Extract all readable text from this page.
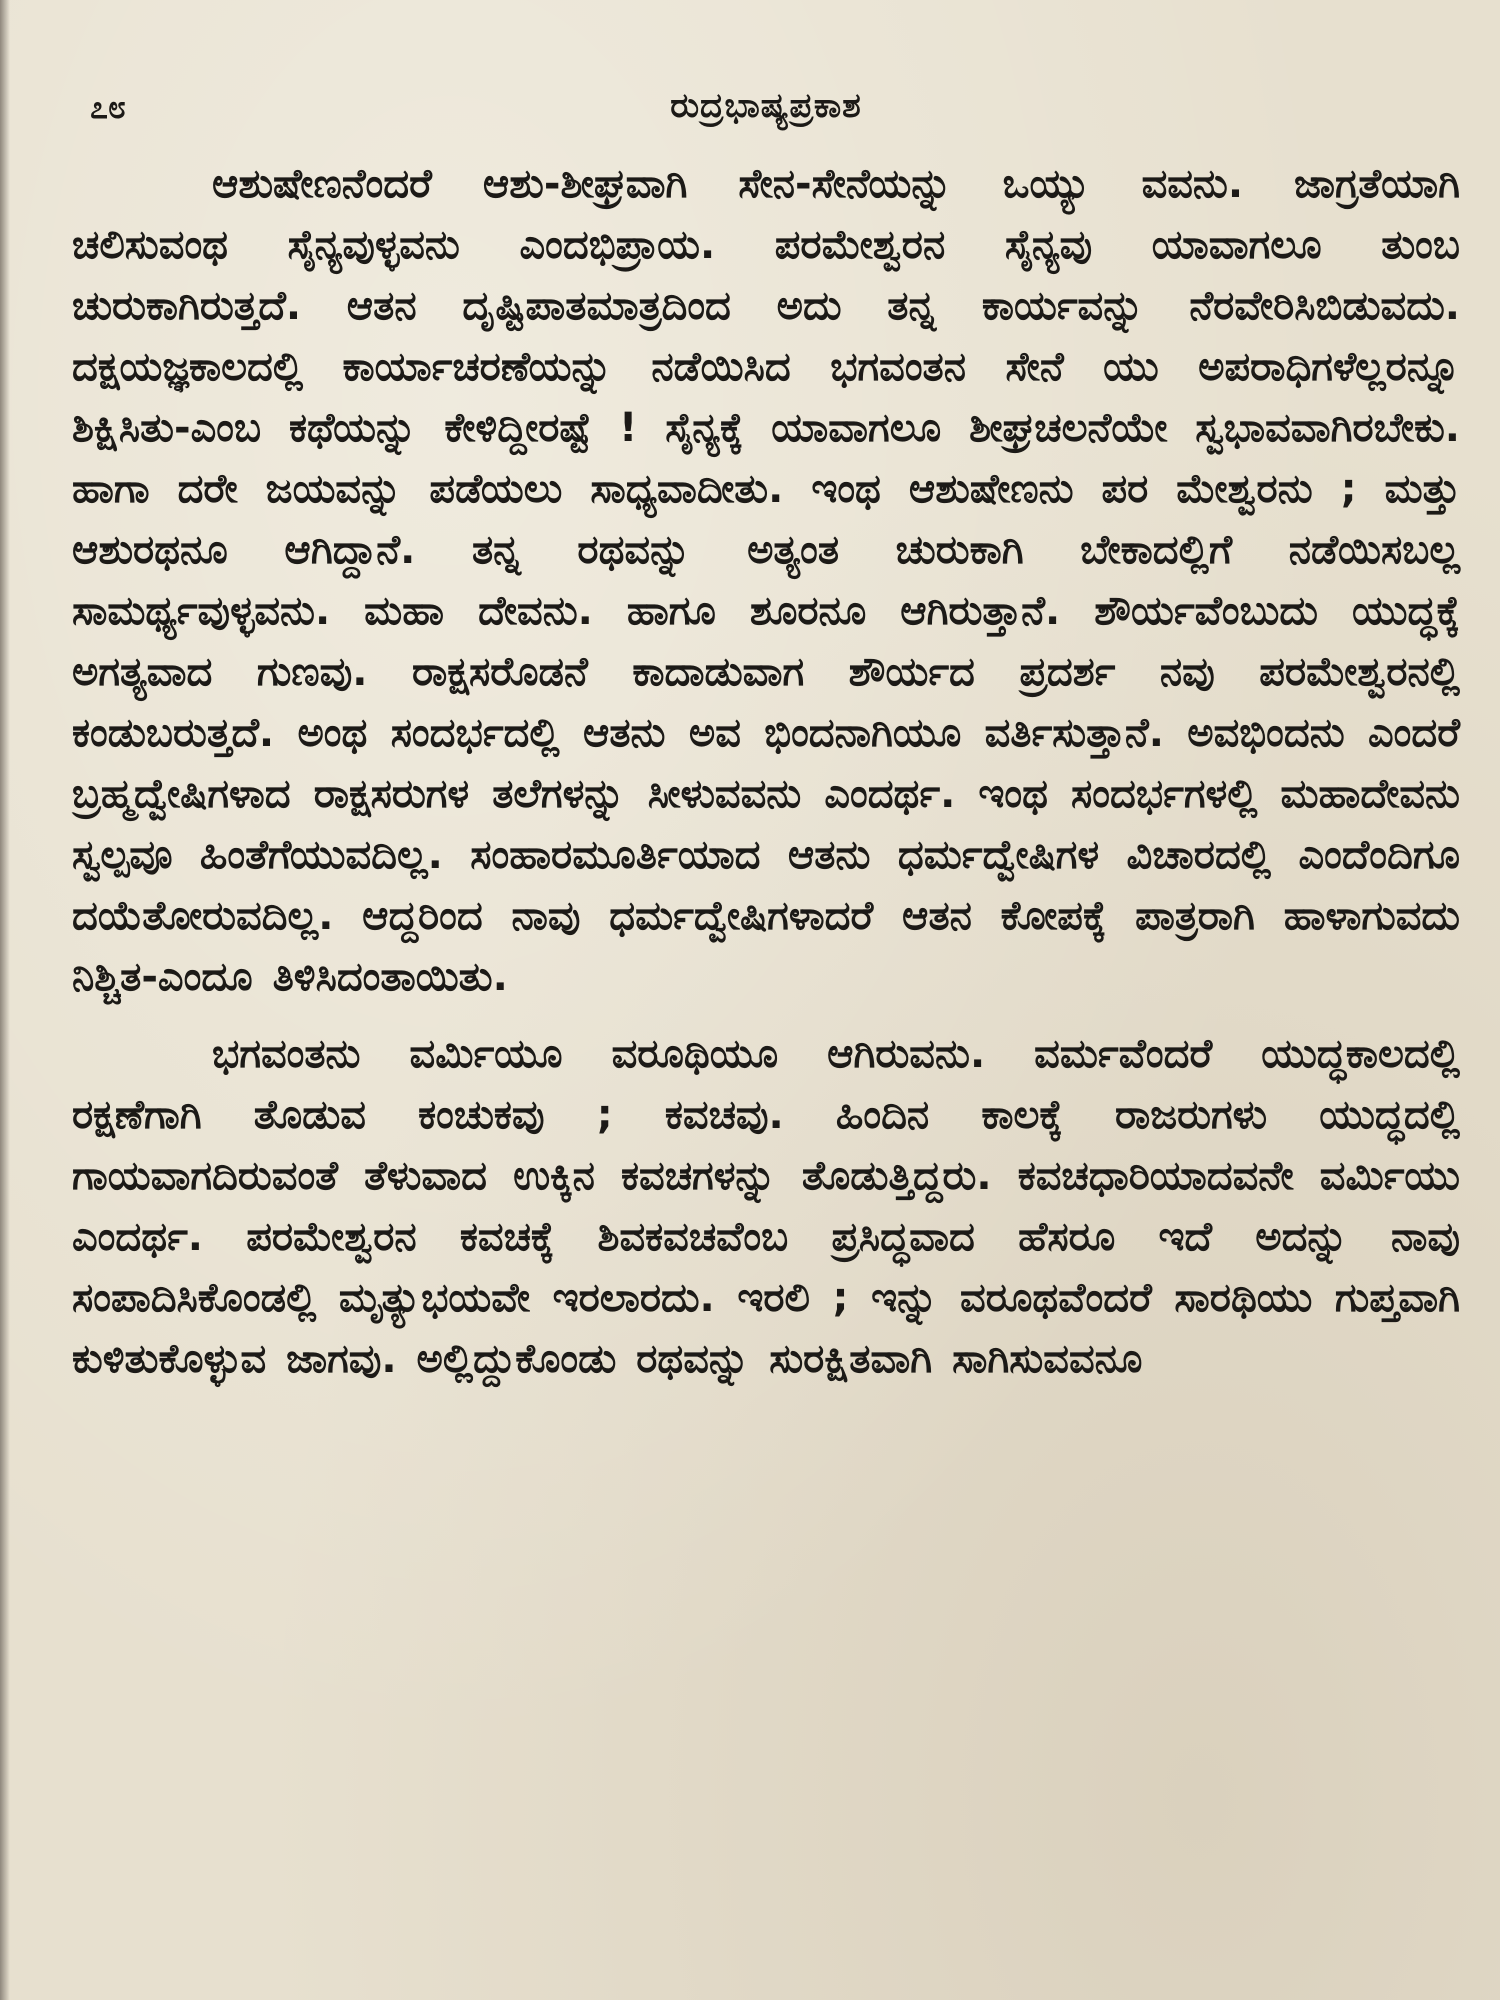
೭೮	ರುದ್ರಭಾಷ್ಯಪ್ರಕಾಶ

ಆಶುಷೇಣನೆಂದರೆ ಆಶು-ಶೀಘ್ರವಾಗಿ ಸೇನ-ಸೇನೆಯನ್ನು ಒಯ್ಯು ವವನು. ಜಾಗ್ರತೆಯಾಗಿ ಚಲಿಸುವಂಥ ಸೈನ್ಯವುಳ್ಳವನು ಎಂದಭಿಪ್ರಾಯ. ಪರಮೇಶ್ವರನ ಸೈನ್ಯವು ಯಾವಾಗಲೂ ತುಂಬ ಚುರುಕಾಗಿರುತ್ತದೆ. ಆತನ ದೃಷ್ಟಿಪಾತಮಾತ್ರದಿಂದ ಅದು ತನ್ನ ಕಾರ್ಯವನ್ನು ನೆರವೇರಿಸಿಬಿಡುವದು. ದಕ್ಷಯಜ್ಞಕಾಲದಲ್ಲಿ ಕಾರ್ಯಾಚರಣೆಯನ್ನು ನಡೆಯಿಸಿದ ಭಗವಂತನ ಸೇನೆ ಯು ಅಪರಾಧಿಗಳೆಲ್ಲರನ್ನೂ ಶಿಕ್ಷಿಸಿತು-ಎಂಬ ಕಥೆಯನ್ನು ಕೇಳಿದ್ದೀರಷ್ಟೆ ! ಸೈನ್ಯಕ್ಕೆ ಯಾವಾಗಲೂ ಶೀಘ್ರಚಲನೆಯೇ ಸ್ವಭಾವವಾಗಿರಬೇಕು. ಹಾಗಾ ದರೇ ಜಯವನ್ನು ಪಡೆಯಲು ಸಾಧ್ಯವಾದೀತು. ಇಂಥ ಆಶುಷೇಣನು ಪರ ಮೇಶ್ವರನು ; ಮತ್ತು ಆಶುರಥನೂ ಆಗಿದ್ದಾನೆ. ತನ್ನ ರಥವನ್ನು ಅತ್ಯಂತ ಚುರುಕಾಗಿ ಬೇಕಾದಲ್ಲಿಗೆ ನಡೆಯಿಸಬಲ್ಲ ಸಾಮರ್ಥ್ಯವುಳ್ಳವನು. ಮಹಾ ದೇವನು. ಹಾಗೂ ಶೂರನೂ ಆಗಿರುತ್ತಾನೆ. ಶೌರ್ಯವೆಂಬುದು ಯುದ್ಧಕ್ಕೆ ಅಗತ್ಯವಾದ ಗುಣವು. ರಾಕ್ಷಸರೊಡನೆ ಕಾದಾಡುವಾಗ ಶೌರ್ಯದ ಪ್ರದರ್ಶ ನವು ಪರಮೇಶ್ವರನಲ್ಲಿ ಕಂಡುಬರುತ್ತದೆ. ಅಂಥ ಸಂದರ್ಭದಲ್ಲಿ ಆತನು ಅವ ಭಿಂದನಾಗಿಯೂ ವರ್ತಿಸುತ್ತಾನೆ. ಅವಭಿಂದನು ಎಂದರೆ ಬ್ರಹ್ಮದ್ವೇಷಿಗಳಾದ ರಾಕ್ಷಸರುಗಳ ತಲೆಗಳನ್ನು ಸೀಳುವವನು ಎಂದರ್ಥ. ಇಂಥ ಸಂದರ್ಭಗಳಲ್ಲಿ ಮಹಾದೇವನು ಸ್ವಲ್ಪವೂ ಹಿಂತೆಗೆಯುವದಿಲ್ಲ. ಸಂಹಾರಮೂರ್ತಿಯಾದ ಆತನು ಧರ್ಮದ್ವೇಷಿಗಳ ವಿಚಾರದಲ್ಲಿ ಎಂದೆಂದಿಗೂ ದಯೆತೋರುವದಿಲ್ಲ. ಆದ್ದರಿಂದ ನಾವು ಧರ್ಮದ್ವೇಷಿಗಳಾದರೆ ಆತನ ಕೋಪಕ್ಕೆ ಪಾತ್ರರಾಗಿ ಹಾಳಾಗುವದು ನಿಶ್ಚಿತ-ಎಂದೂ ತಿಳಿಸಿದಂತಾಯಿತು.

ಭಗವಂತನು ವರ್ಮಿಯೂ ವರೂಥಿಯೂ ಆಗಿರುವನು. ವರ್ಮವೆಂದರೆ ಯುದ್ಧಕಾಲದಲ್ಲಿ ರಕ್ಷಣೆಗಾಗಿ ತೊಡುವ ಕಂಚುಕವು ; ಕವಚವು. ಹಿಂದಿನ ಕಾಲಕ್ಕೆ ರಾಜರುಗಳು ಯುದ್ಧದಲ್ಲಿ ಗಾಯವಾಗದಿರುವಂತೆ ತೆಳುವಾದ ಉಕ್ಕಿನ ಕವಚಗಳನ್ನು ತೊಡುತ್ತಿದ್ದರು. ಕವಚಧಾರಿಯಾದವನೇ ವರ್ಮಿಯು ಎಂದರ್ಥ. ಪರಮೇಶ್ವರನ ಕವಚಕ್ಕೆ ಶಿವಕವಚವೆಂಬ ಪ್ರಸಿದ್ಧವಾದ ಹೆಸರೂ ಇದೆ ಅದನ್ನು ನಾವು ಸಂಪಾದಿಸಿಕೊಂಡಲ್ಲಿ ಮೃತ್ಯುಭಯವೇ ಇರಲಾರದು. ಇರಲಿ ; ಇನ್ನು ವರೂಥವೆಂದರೆ ಸಾರಥಿಯು ಗುಪ್ತವಾಗಿ ಕುಳಿತುಕೊಳ್ಳುವ ಜಾಗವು. ಅಲ್ಲಿದ್ದುಕೊಂಡು ರಥವನ್ನು ಸುರಕ್ಷಿತವಾಗಿ ಸಾಗಿಸುವವನೂ
